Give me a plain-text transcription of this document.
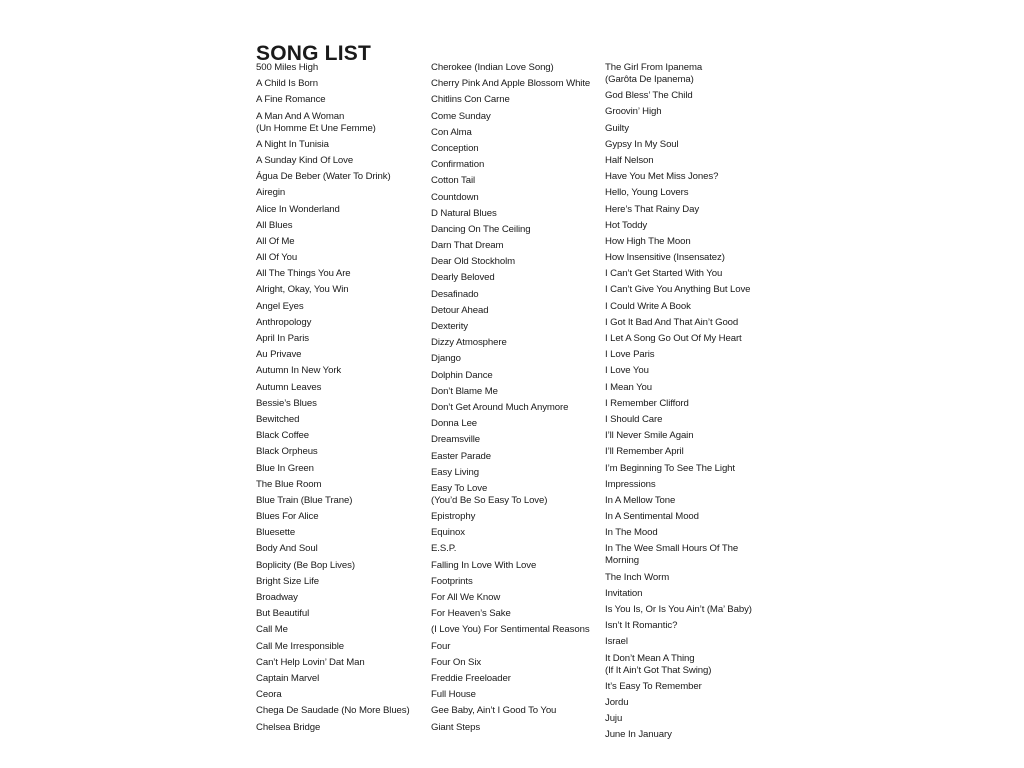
SONG LIST
500 Miles High
A Child Is Born
A Fine Romance
A Man And A Woman
(Un Homme Et Une Femme)
A Night In Tunisia
A Sunday Kind Of Love
Água De Beber (Water To Drink)
Airegin
Alice In Wonderland
All Blues
All Of Me
All Of You
All The Things You Are
Alright, Okay, You Win
Angel Eyes
Anthropology
April In Paris
Au Privave
Autumn In New York
Autumn Leaves
Bessie’s Blues
Bewitched
Black Coffee
Black Orpheus
Blue In Green
The Blue Room
Blue Train (Blue Trane)
Blues For Alice
Bluesette
Body And Soul
Boplicity (Be Bop Lives)
Bright Size Life
Broadway
But Beautiful
Call Me
Call Me Irresponsible
Can’t Help Lovin’ Dat Man
Captain Marvel
Ceora
Chega De Saudade (No More Blues)
Chelsea Bridge
Cherokee (Indian Love Song)
Cherry Pink And Apple Blossom White
Chitlins Con Carne
Come Sunday
Con Alma
Conception
Confirmation
Cotton Tail
Countdown
D Natural Blues
Dancing On The Ceiling
Darn That Dream
Dear Old Stockholm
Dearly Beloved
Desafinado
Detour Ahead
Dexterity
Dizzy Atmosphere
Django
Dolphin Dance
Don’t Blame Me
Don’t Get Around Much Anymore
Donna Lee
Dreamsville
Easter Parade
Easy Living
Easy To Love
(You’d Be So Easy To Love)
Epistrophy
Equinox
E.S.P.
Falling In Love With Love
Footprints
For All We Know
For Heaven’s Sake
(I Love You) For Sentimental Reasons
Four
Four On Six
Freddie Freeloader
Full House
Gee Baby, Ain’t I Good To You
Giant Steps
The Girl From Ipanema
(Garôta De Ipanema)
God Bless’ The Child
Groovin’ High
Guilty
Gypsy In My Soul
Half Nelson
Have You Met Miss Jones?
Hello, Young Lovers
Here’s That Rainy Day
Hot Toddy
How High The Moon
How Insensitive (Insensatez)
I Can’t Get Started With You
I Can’t Give You Anything But Love
I Could Write A Book
I Got It Bad And That Ain’t Good
I Let A Song Go Out Of My Heart
I Love Paris
I Love You
I Mean You
I Remember Clifford
I Should Care
I’ll Never Smile Again
I’ll Remember April
I’m Beginning To See The Light
Impressions
In A Mellow Tone
In A Sentimental Mood
In The Mood
In The Wee Small Hours Of The
Morning
The Inch Worm
Invitation
Is You Is, Or Is You Ain’t (Ma’ Baby)
Isn’t It Romantic?
Israel
It Don’t Mean A Thing
(If It Ain’t Got That Swing)
It’s Easy To Remember
Jordu
Juju
June In January
